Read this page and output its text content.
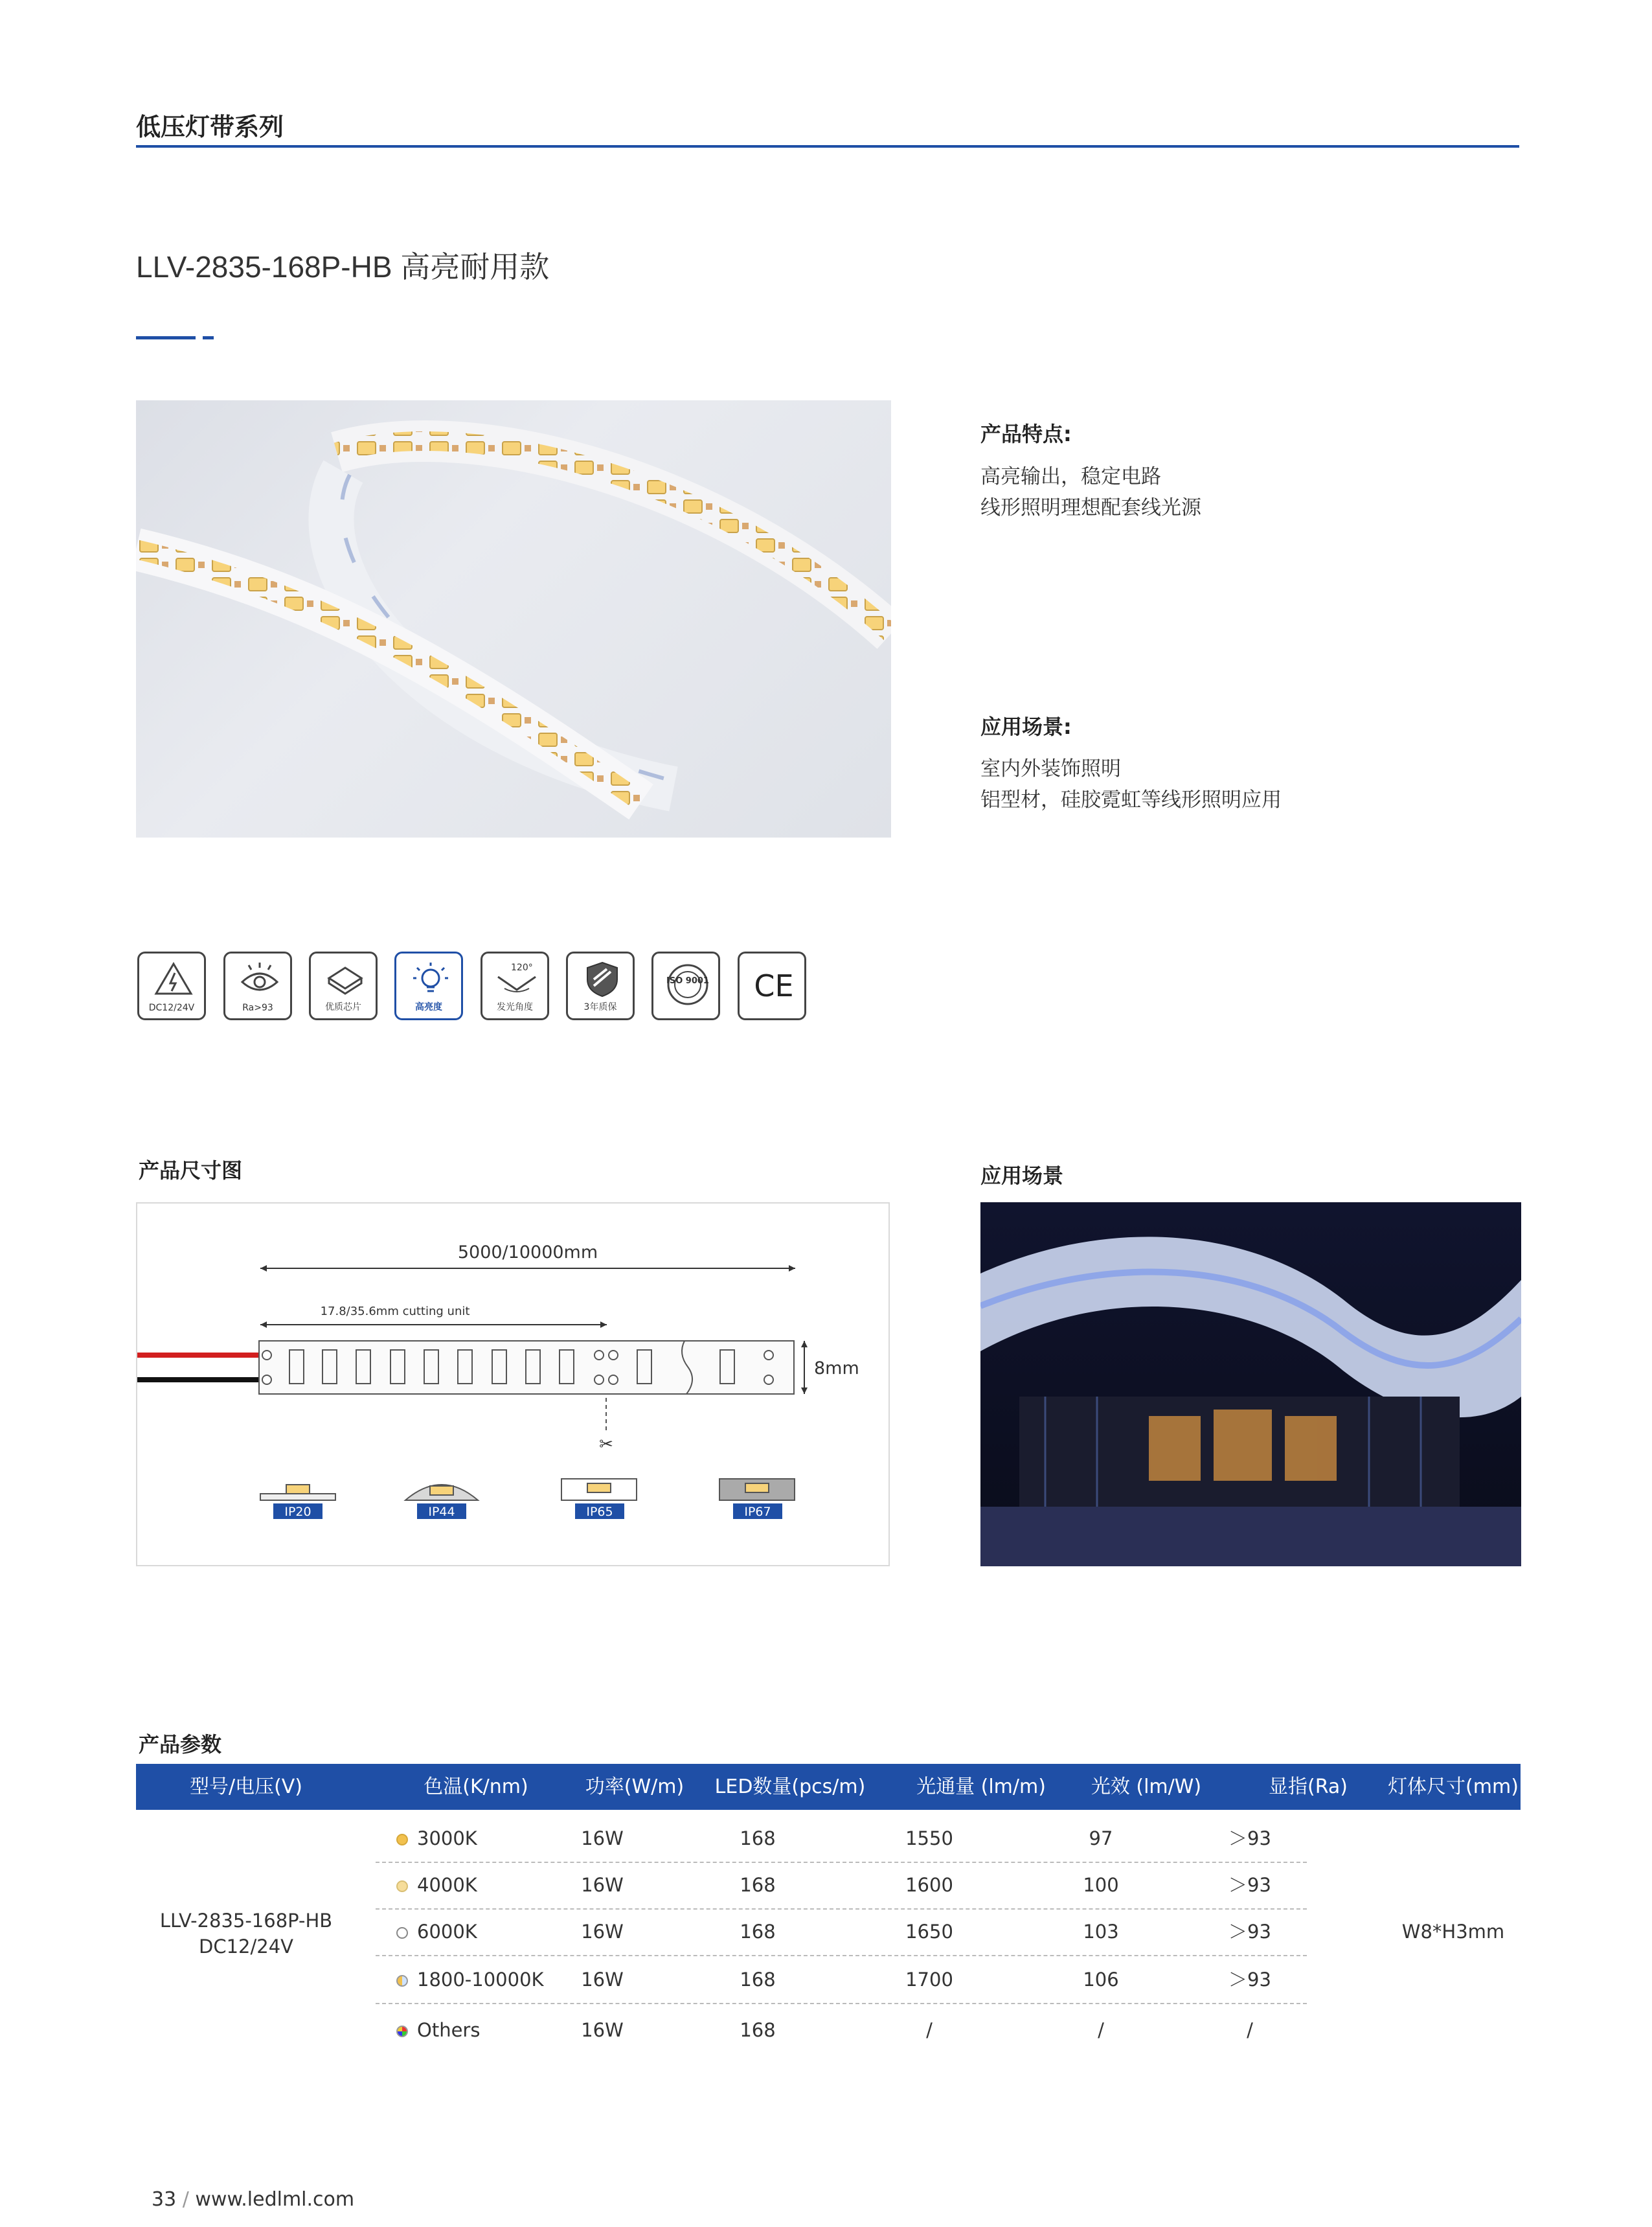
低压灯带系列
LLV-2835-168P-HB 高亮耐用款
产品特点:
高亮输出，稳定电路
线形照明理想配套线光源
应用场景:
室内外装饰照明
铝型材，硅胶霓虹等线形照明应用
DC12/24V	Ra>93	优质芯片	高亮度
120°
发光角度	3年质保
ISO 9001 CE
产品尺寸图
5000/10000mm
17.8/35.6mm cutting unit
✂
8mm
IP20	IP44	IP65	IP67
应用场景
产品参数
型号/电压(V)	色温(K/nm)	功率(W/m)	LED数量(pcs/m)	光通量 (lm/m)	光效 (lm/W)	显指(Ra)	灯体尺寸(mm)
LLV-2835-168P-HB
DC12/24V
W8*H3mm
3000K	16W	168	1550	97	＞93
4000K	16W	168	1600	100	＞93
6000K	16W	168	1650	103	＞93
1800-10000K	16W	168	1700	106	＞93
Others	16W	168	/	/	/
33 / www.ledlml.com
